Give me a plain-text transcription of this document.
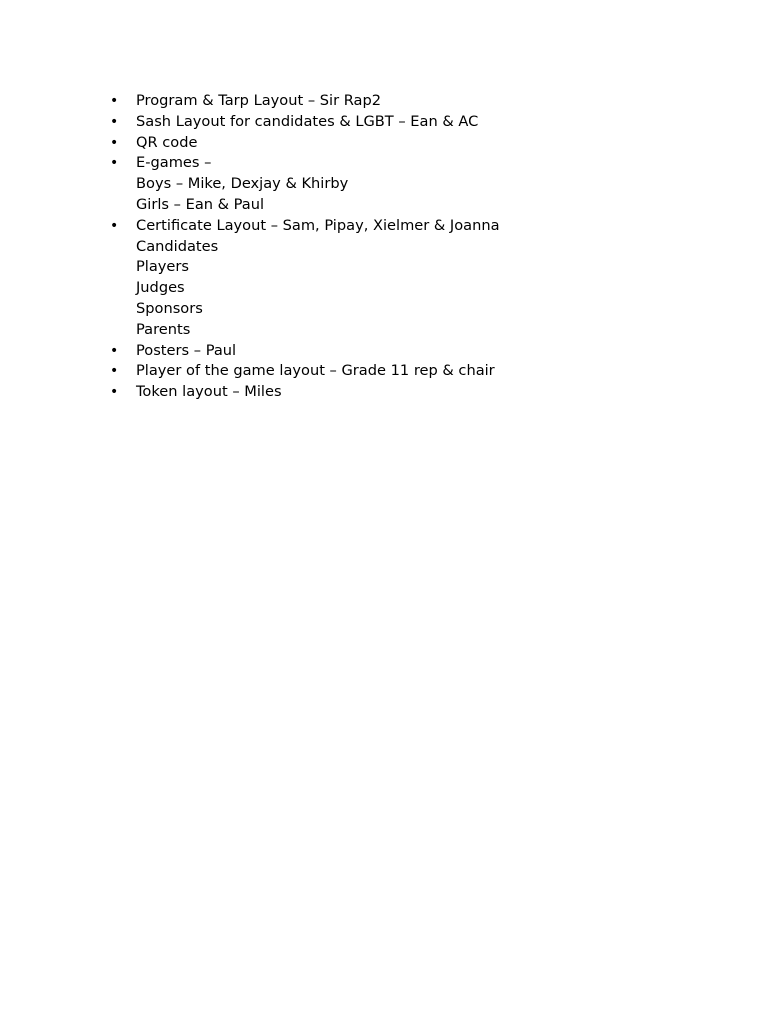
• Program & Tarp Layout – Sir Rap2
• Sash Layout for candidates & LGBT – Ean & AC
• QR code
• E-games –
Boys – Mike, Dexjay & Khirby
Girls – Ean & Paul
• Certificate Layout – Sam, Pipay, Xielmer & Joanna
Candidates
Players
Judges
Sponsors
Parents
• Posters – Paul
• Player of the game layout – Grade 11 rep & chair
• Token layout – Miles
